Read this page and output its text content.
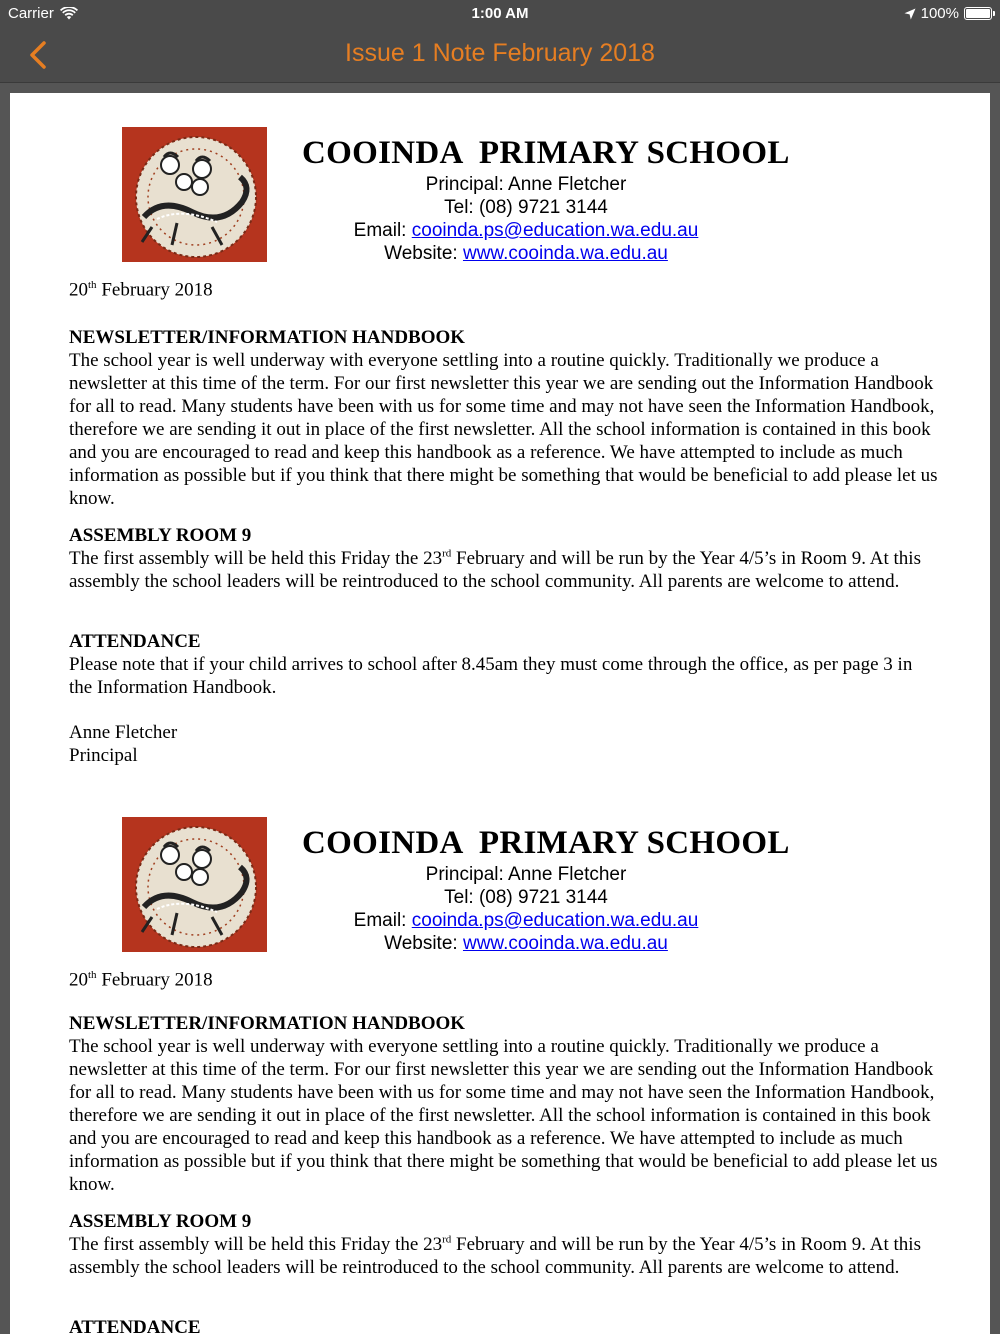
Carrier	1:00 AM	100%
Issue 1 Note February 2018
COOINDA  PRIMARY SCHOOL
Principal: Anne Fletcher
Tel: (08) 9721 3144
Email: cooinda.ps@education.wa.edu.au
Website: www.cooinda.wa.edu.au
20th February 2018
NEWSLETTER/INFORMATION HANDBOOK
The school year is well underway with everyone settling into a routine quickly. Traditionally we produce a newsletter at this time of the term. For our first newsletter this year we are sending out the Information Handbook for all to read. Many students have been with us for some time and may not have seen the Information Handbook, therefore we are sending it out in place of the first newsletter. All the school information is contained in this book and you are encouraged to read and keep this handbook as a reference. We have attempted to include as much information as possible but if you think that there might be something that would be beneficial to add please let us know.
ASSEMBLY ROOM 9
The first assembly will be held this Friday the 23rd February and will be run by the Year 4/5’s in Room 9. At this assembly the school leaders will be reintroduced to the school community. All parents are welcome to attend.
ATTENDANCE
Please note that if your child arrives to school after 8.45am they must come through the office, as per page 3 in the Information Handbook.
Anne Fletcher
Principal
COOINDA  PRIMARY SCHOOL
Principal: Anne Fletcher
Tel: (08) 9721 3144
Email: cooinda.ps@education.wa.edu.au
Website: www.cooinda.wa.edu.au
20th February 2018
NEWSLETTER/INFORMATION HANDBOOK
The school year is well underway with everyone settling into a routine quickly. Traditionally we produce a newsletter at this time of the term. For our first newsletter this year we are sending out the Information Handbook for all to read. Many students have been with us for some time and may not have seen the Information Handbook, therefore we are sending it out in place of the first newsletter. All the school information is contained in this book and you are encouraged to read and keep this handbook as a reference. We have attempted to include as much information as possible but if you think that there might be something that would be beneficial to add please let us know.
ASSEMBLY ROOM 9
The first assembly will be held this Friday the 23rd February and will be run by the Year 4/5’s in Room 9. At this assembly the school leaders will be reintroduced to the school community. All parents are welcome to attend.
ATTENDANCE
